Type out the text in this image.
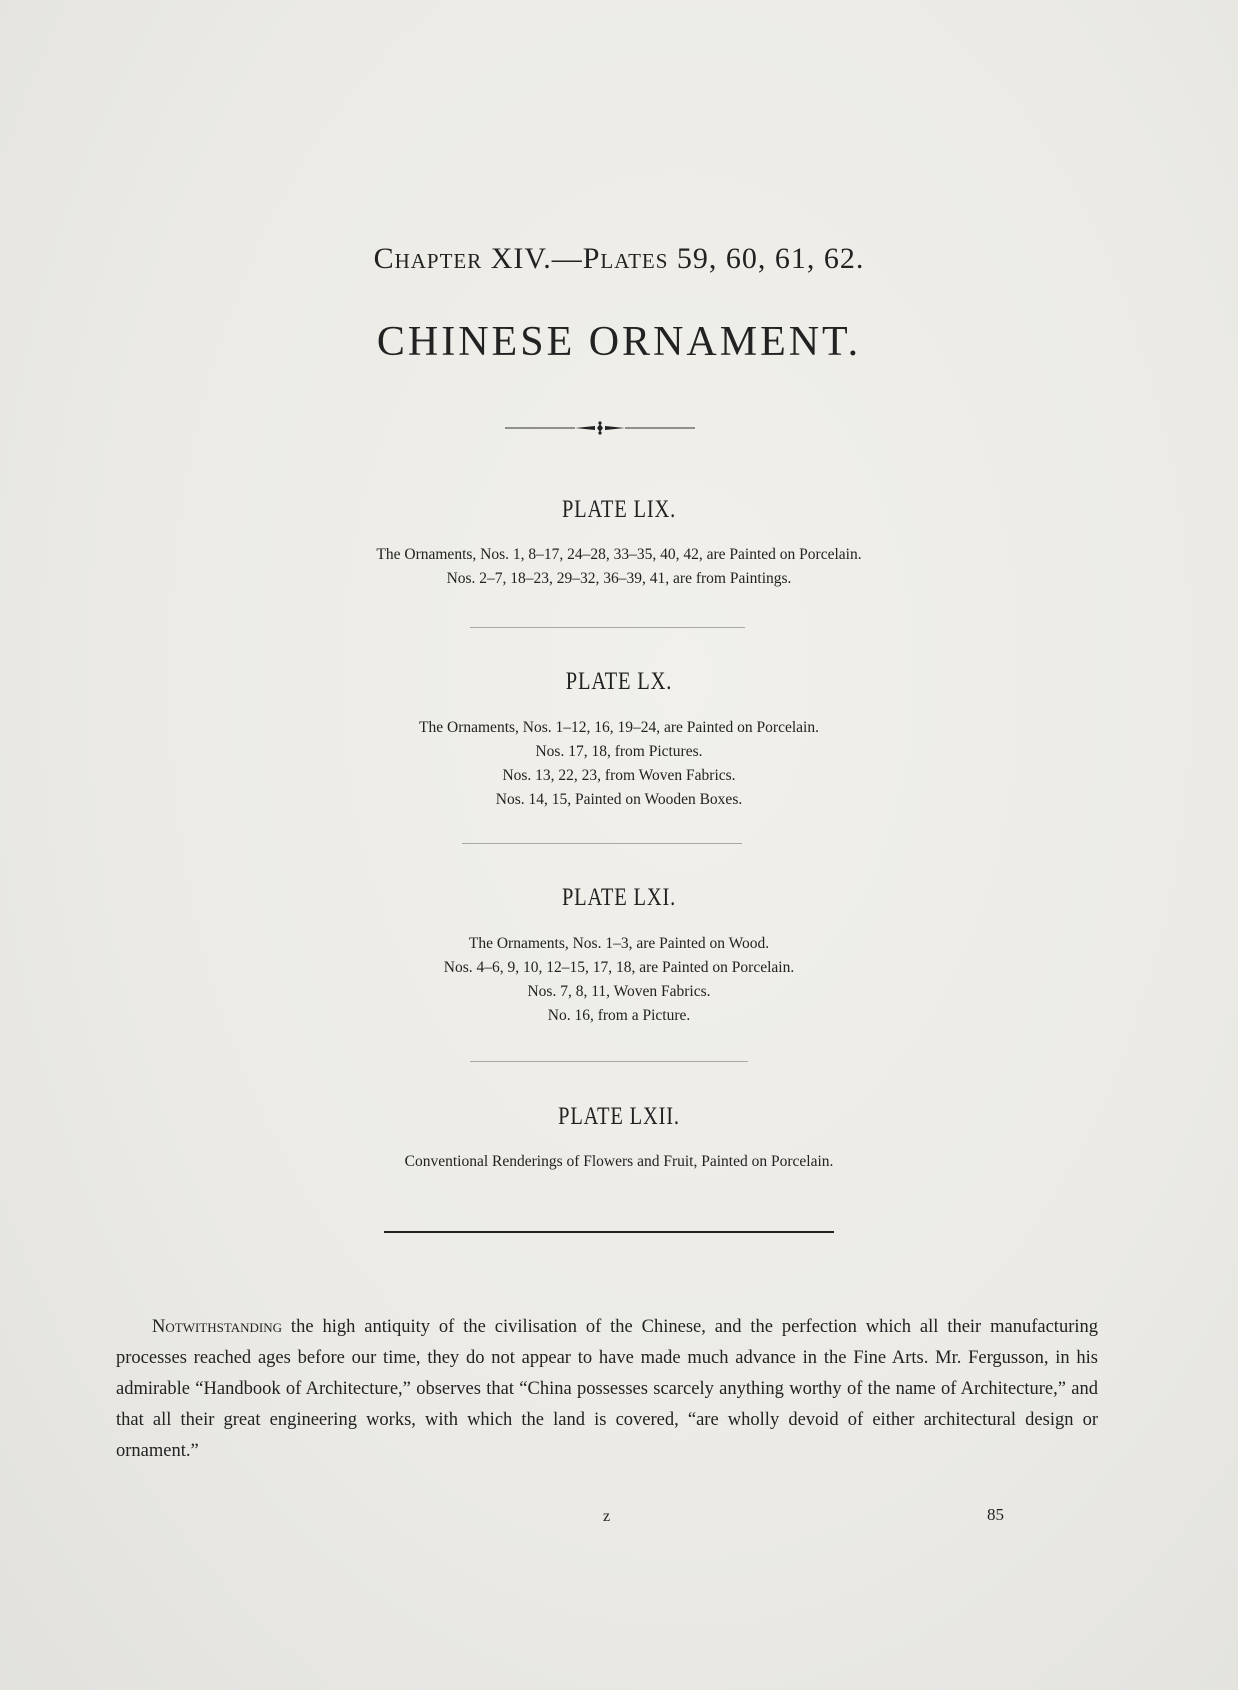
Chapter XIV.—Plates 59, 60, 61, 62.
CHINESE ORNAMENT.
PLATE LIX.
The Ornaments, Nos. 1, 8–17, 24–28, 33–35, 40, 42, are Painted on Porcelain.
Nos. 2–7, 18–23, 29–32, 36–39, 41, are from Paintings.
PLATE LX.
The Ornaments, Nos. 1–12, 16, 19–24, are Painted on Porcelain.
Nos. 17, 18, from Pictures.
Nos. 13, 22, 23, from Woven Fabrics.
Nos. 14, 15, Painted on Wooden Boxes.
PLATE LXI.
The Ornaments, Nos. 1–3, are Painted on Wood.
Nos. 4–6, 9, 10, 12–15, 17, 18, are Painted on Porcelain.
Nos. 7, 8, 11, Woven Fabrics.
No. 16, from a Picture.
PLATE LXII.
Conventional Renderings of Flowers and Fruit, Painted on Porcelain.
Notwithstanding the high antiquity of the civilisation of the Chinese, and the perfection which all their manufacturing processes reached ages before our time, they do not appear to have made much advance in the Fine Arts. Mr. Fergusson, in his admirable “Handbook of Architecture,” observes that “China possesses scarcely anything worthy of the name of Architecture,” and that all their great engineering works, with which the land is covered, “are wholly devoid of either architectural design or ornament.”
z	85
